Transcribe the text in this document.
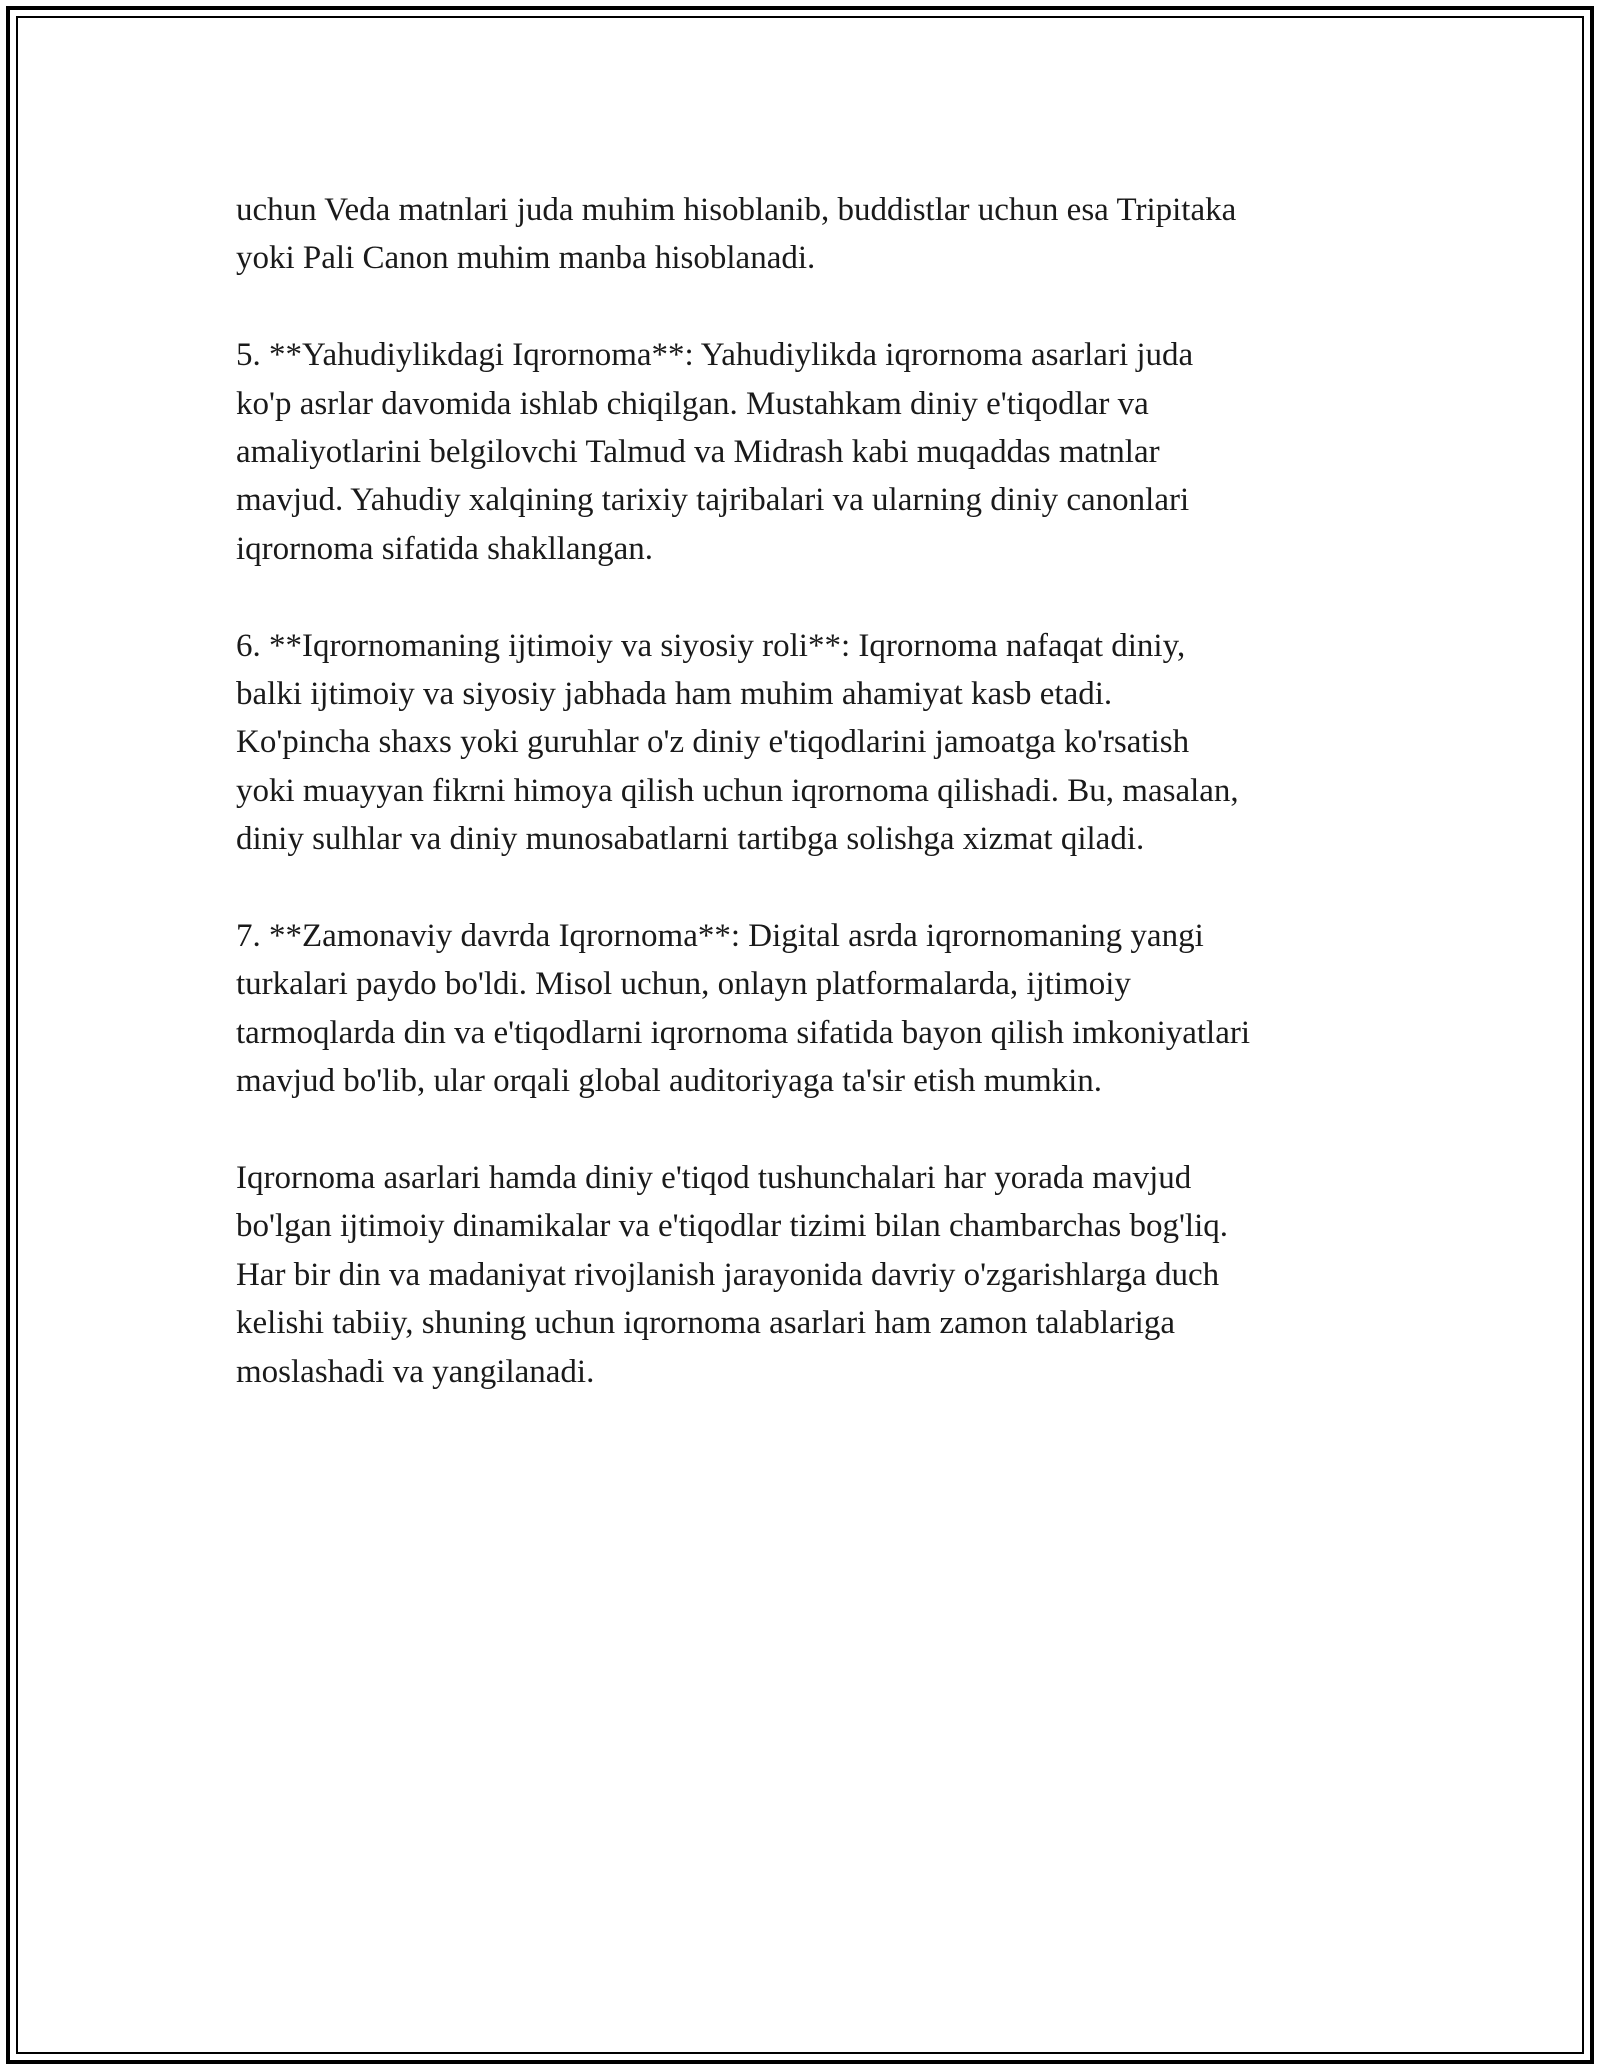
uchun Veda matnlari juda muhim hisoblanib, buddistlar uchun esa Tripitaka
yoki Pali Canon muhim manba hisoblanadi.
5. **Yahudiylikdagi Iqrornoma**: Yahudiylikda iqrornoma asarlari juda
ko'p asrlar davomida ishlab chiqilgan. Mustahkam diniy e'tiqodlar va
amaliyotlarini belgilovchi Talmud va Midrash kabi muqaddas matnlar
mavjud. Yahudiy xalqining tarixiy tajribalari va ularning diniy canonlari
iqrornoma sifatida shakllangan.
6. **Iqrornomaning ijtimoiy va siyosiy roli**: Iqrornoma nafaqat diniy,
balki ijtimoiy va siyosiy jabhada ham muhim ahamiyat kasb etadi.
Ko'pincha shaxs yoki guruhlar o'z diniy e'tiqodlarini jamoatga ko'rsatish
yoki muayyan fikrni himoya qilish uchun iqrornoma qilishadi. Bu, masalan,
diniy sulhlar va diniy munosabatlarni tartibga solishga xizmat qiladi.
7. **Zamonaviy davrda Iqrornoma**: Digital asrda iqrornomaning yangi
turkalari paydo bo'ldi. Misol uchun, onlayn platformalarda, ijtimoiy
tarmoqlarda din va e'tiqodlarni iqrornoma sifatida bayon qilish imkoniyatlari
mavjud bo'lib, ular orqali global auditoriyaga ta'sir etish mumkin.
Iqrornoma asarlari hamda diniy e'tiqod tushunchalari har yorada mavjud
bo'lgan ijtimoiy dinamikalar va e'tiqodlar tizimi bilan chambarchas bog'liq.
Har bir din va madaniyat rivojlanish jarayonida davriy o'zgarishlarga duch
kelishi tabiiy, shuning uchun iqrornoma asarlari ham zamon talablariga
moslashadi va yangilanadi.
